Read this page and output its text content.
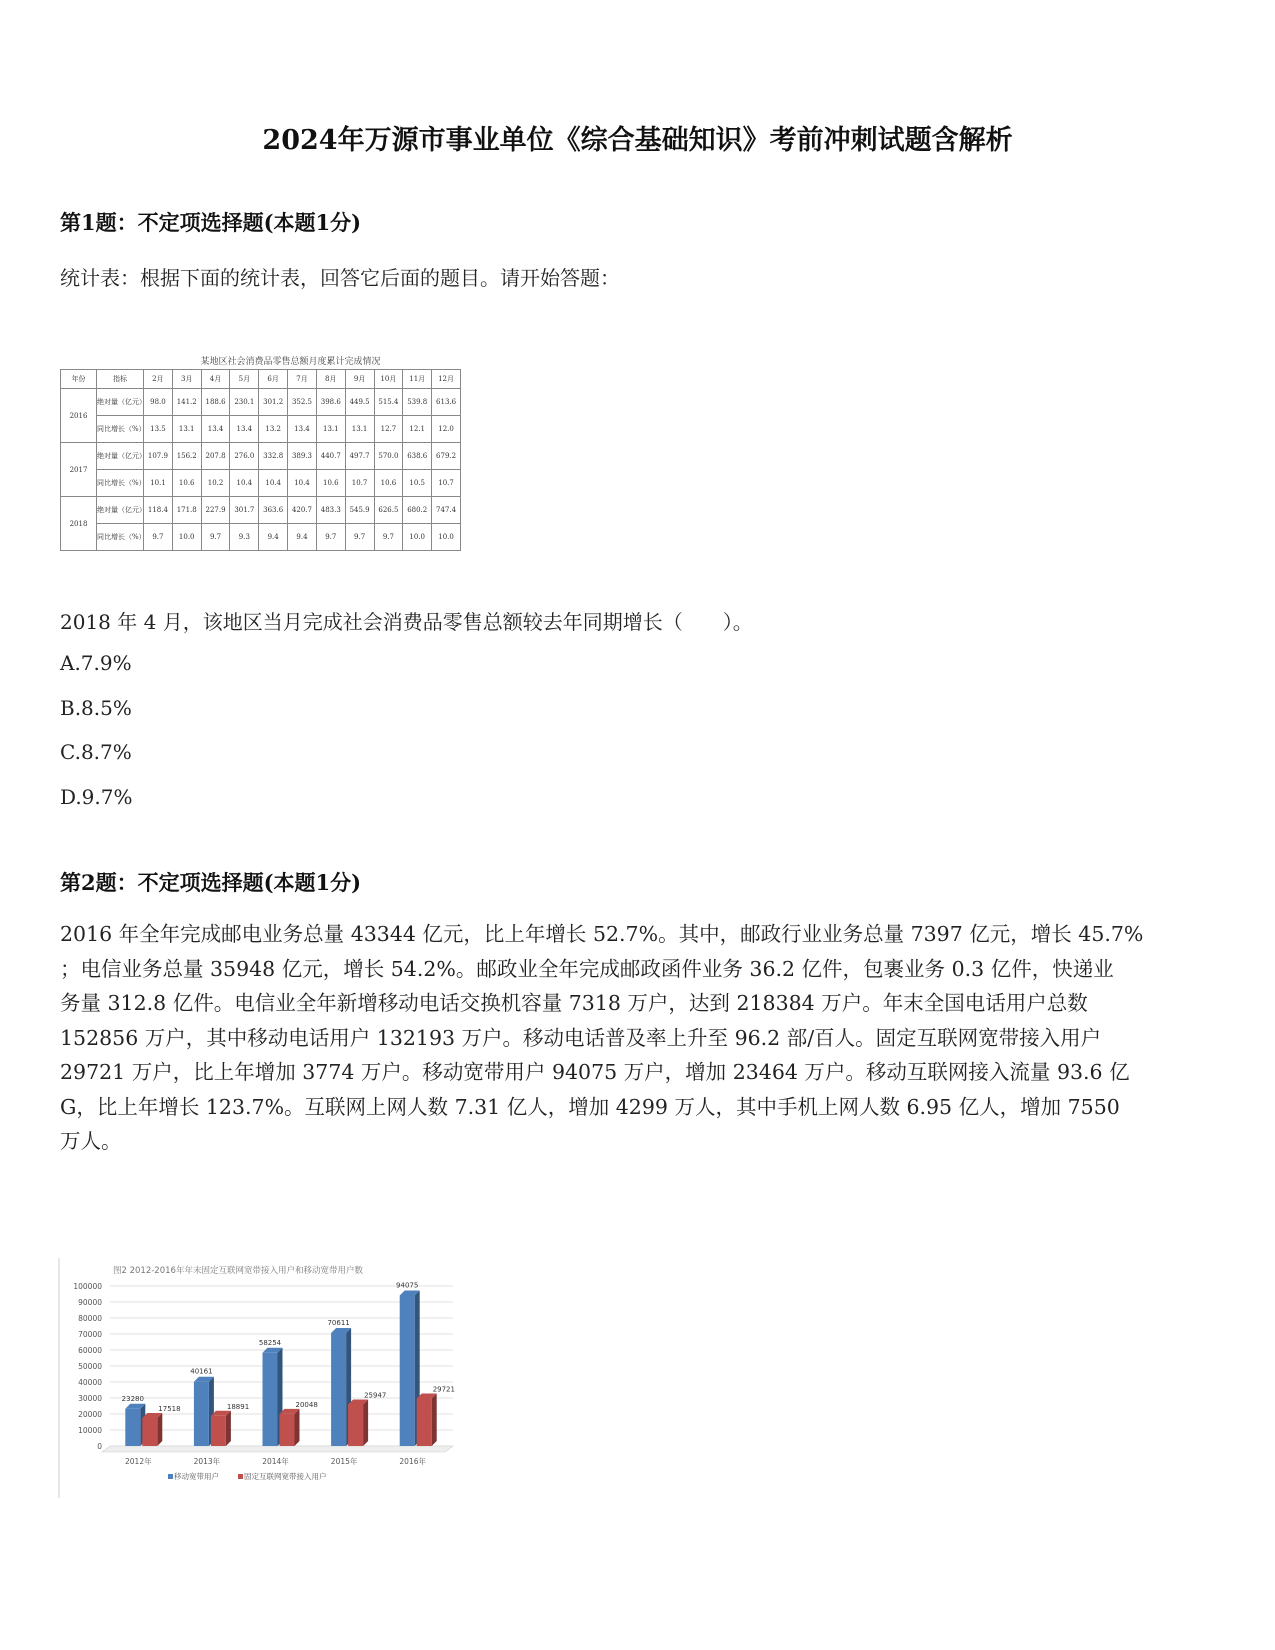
2024年万源市事业单位《综合基础知识》考前冲刺试题含解析
第1题：不定项选择题(本题1分)
统计表：根据下面的统计表，回答它后面的题目。请开始答题：
某地区社会消费品零售总额月度累计完成情况
年份	指标	2月	3月	4月	5月	6月	7月	8月	9月	10月	11月	12月
2016	绝对量（亿元）	98.0	141.2	188.6	230.1	301.2	352.5	398.6	449.5	515.4	539.8	613.6
	同比增长（%）	13.5	13.1	13.4	13.4	13.2	13.4	13.1	13.1	12.7	12.1	12.0
2017	绝对量（亿元）	107.9	156.2	207.8	276.0	332.8	389.3	440.7	497.7	570.0	638.6	679.2
	同比增长（%）	10.1	10.6	10.2	10.4	10.4	10.4	10.6	10.7	10.6	10.5	10.7
2018	绝对量（亿元）	118.4	171.8	227.9	301.7	363.6	420.7	483.3	545.9	626.5	680.2	747.4
	同比增长（%）	9.7	10.0	9.7	9.3	9.4	9.4	9.7	9.7	9.7	10.0	10.0
2018 年 4 月，该地区当月完成社会消费品零售总额较去年同期增长（　　）。
A.7.9%
B.8.5%
C.8.7%
D.9.7%
第2题：不定项选择题(本题1分)
2016 年全年完成邮电业务总量 43344 亿元，比上年增长 52.7%。其中，邮政行业业务总量 7397 亿元，增长 45.7%
；电信业务总量 35948 亿元，增长 54.2%。邮政业全年完成邮政函件业务 36.2 亿件，包裹业务 0.3 亿件，快递业
务量 312.8 亿件。电信业全年新增移动电话交换机容量 7318 万户，达到 218384 万户。年末全国电话用户总数
152856 万户，其中移动电话用户 132193 万户。移动电话普及率上升至 96.2 部/百人。固定互联网宽带接入用户
29721 万户，比上年增加 3774 万户。移动宽带用户 94075 万户，增加 23464 万户。移动互联网接入流量 93.6 亿
G，比上年增长 123.7%。互联网上网人数 7.31 亿人，增加 4299 万人，其中手机上网人数 6.95 亿人，增加 7550
万人。
图2 2012-2016年年末固定互联网宽带接入用户和移动宽带用户数
0
10000
20000
30000
40000
50000
60000
70000
80000
90000
100000
23280
17518
2012年
40161
18891
2013年
58254
20048
2014年
70611
25947
2015年
94075
29721
2016年
移动宽带用户	固定互联网宽带接入用户
